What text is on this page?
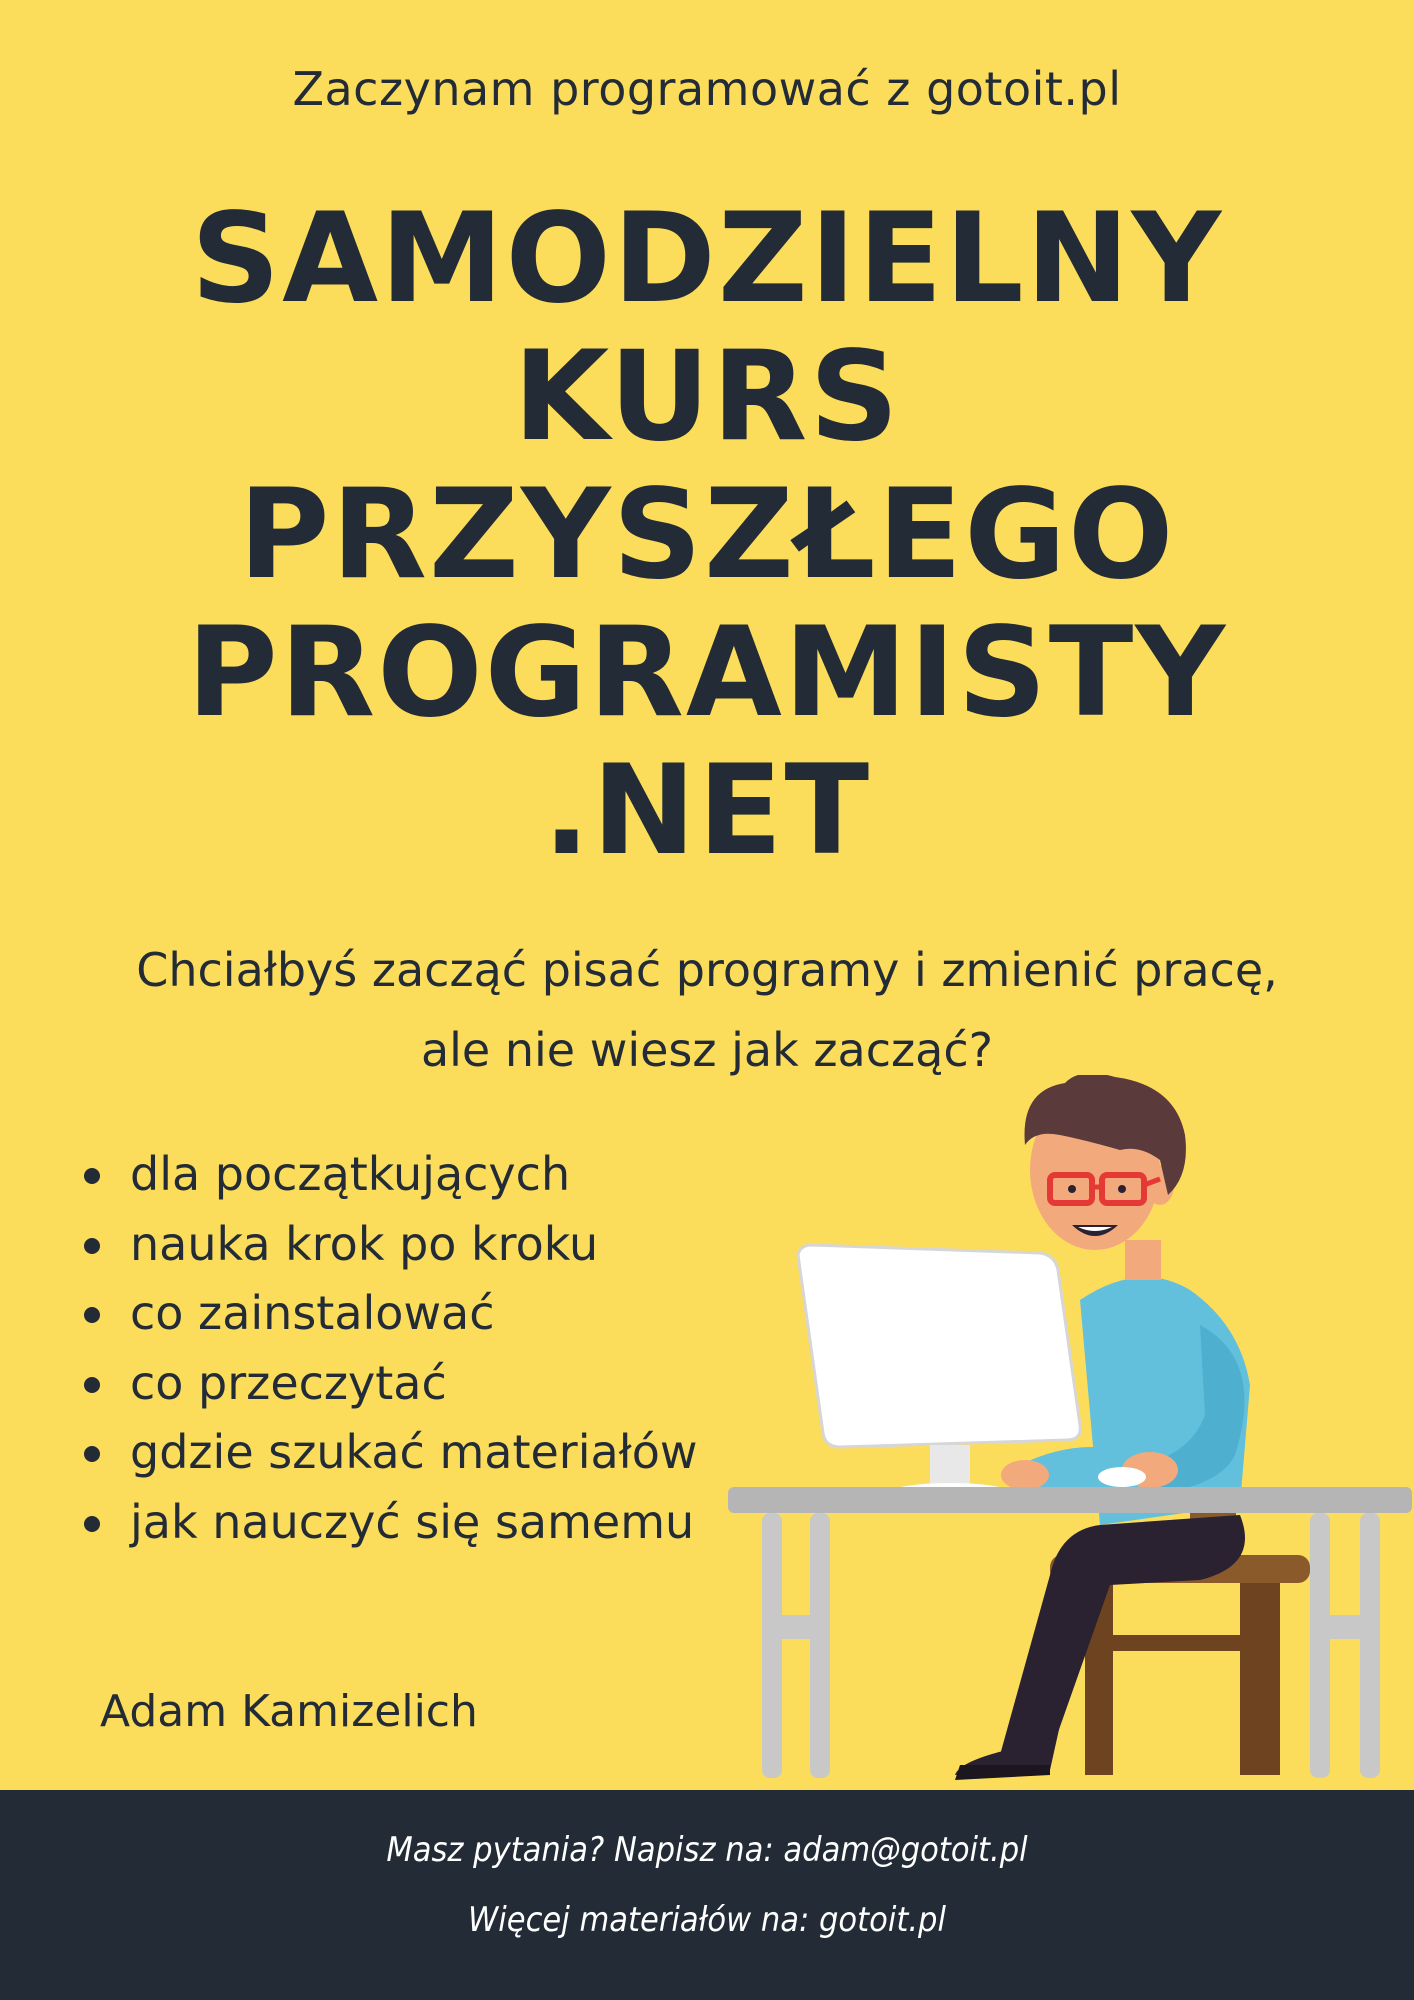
Zaczynam programować z gotoit.pl
SAMODZIELNY
KURS
PRZYSZŁEGO
PROGRAMISTY
.NET
Chciałbyś zacząć pisać programy i zmienić pracę,
ale nie wiesz jak zacząć?
dla początkujących
nauka krok po kroku
co zainstalować
co przeczytać
gdzie szukać materiałów
jak nauczyć się samemu
Adam Kamizelich
Masz pytania? Napisz na: adam@gotoit.pl
Więcej materiałów na: gotoit.pl
